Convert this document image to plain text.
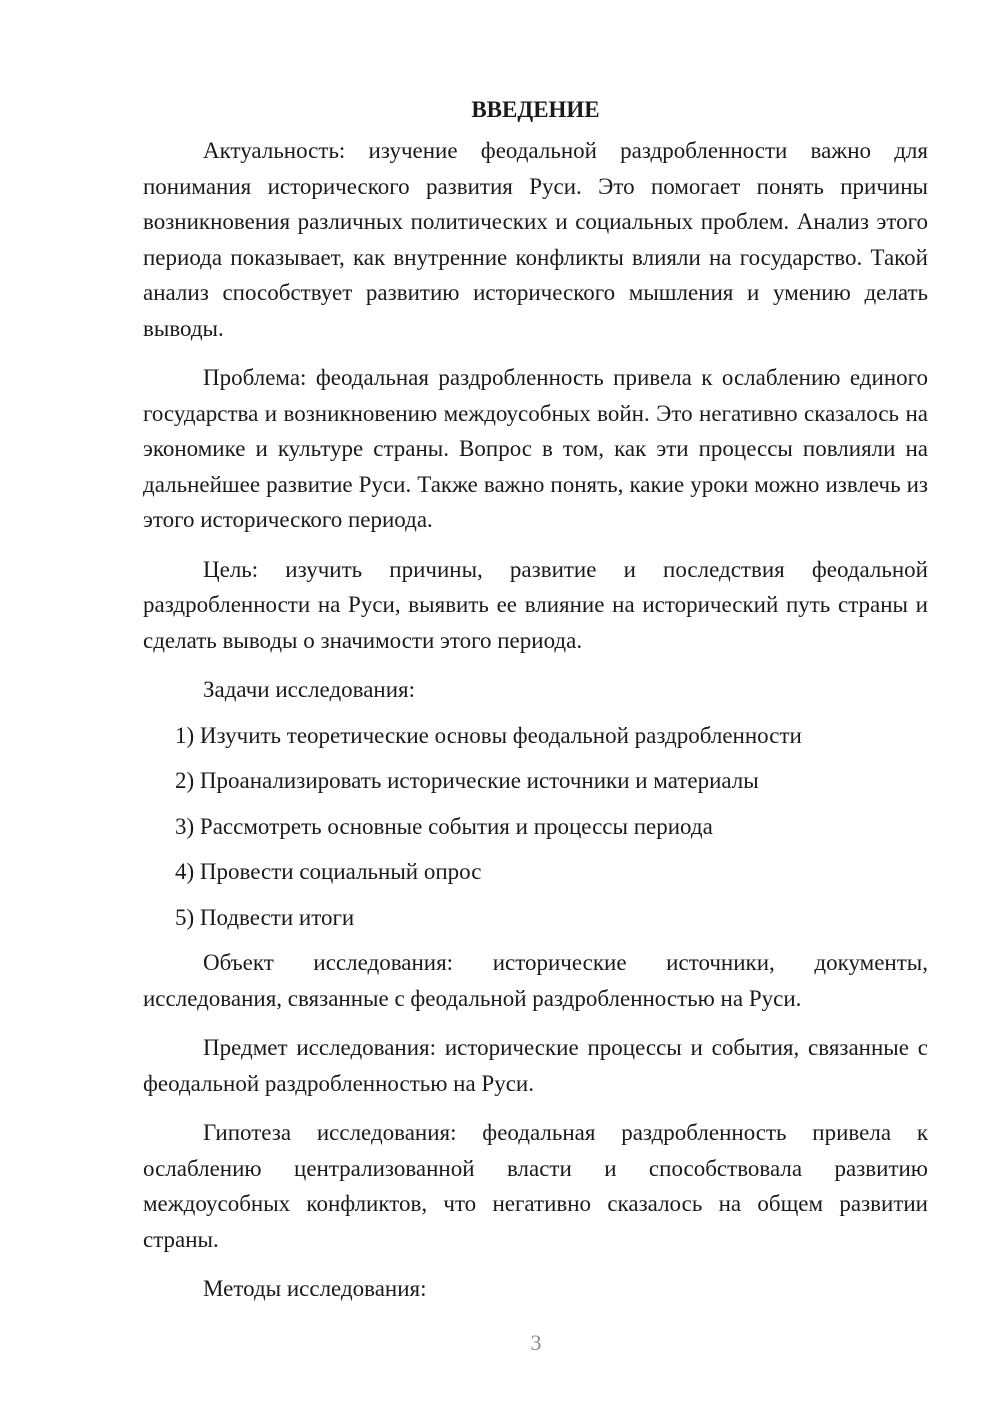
ВВЕДЕНИЕ

Актуальность: изучение феодальной раздробленности важно для понимания исторического развития Руси. Это помогает понять причины возникновения различных политических и социальных проблем. Анализ этого периода показывает, как внутренние конфликты влияли на государство. Такой анализ способствует развитию исторического мышления и умению делать выводы.

Проблема: феодальная раздробленность привела к ослаблению единого государства и возникновению междоусобных войн. Это негативно сказалось на экономике и культуре страны. Вопрос в том, как эти процессы повлияли на дальнейшее развитие Руси. Также важно понять, какие уроки можно извлечь из этого исторического периода.

Цель: изучить причины, развитие и последствия феодальной раздробленности на Руси, выявить ее влияние на исторический путь страны и сделать выводы о значимости этого периода.

Задачи исследования:

1) Изучить теоретические основы феодальной раздробленности
2) Проанализировать исторические источники и материалы
3) Рассмотреть основные события и процессы периода
4) Провести социальный опрос
5) Подвести итоги

Объект исследования: исторические источники, документы, исследования, связанные с феодальной раздробленностью на Руси.

Предмет исследования: исторические процессы и события, связанные с феодальной раздробленностью на Руси.

Гипотеза исследования: феодальная раздробленность привела к ослаблению централизованной власти и способствовала развитию междоусобных конфликтов, что негативно сказалось на общем развитии страны.

Методы исследования:

3
